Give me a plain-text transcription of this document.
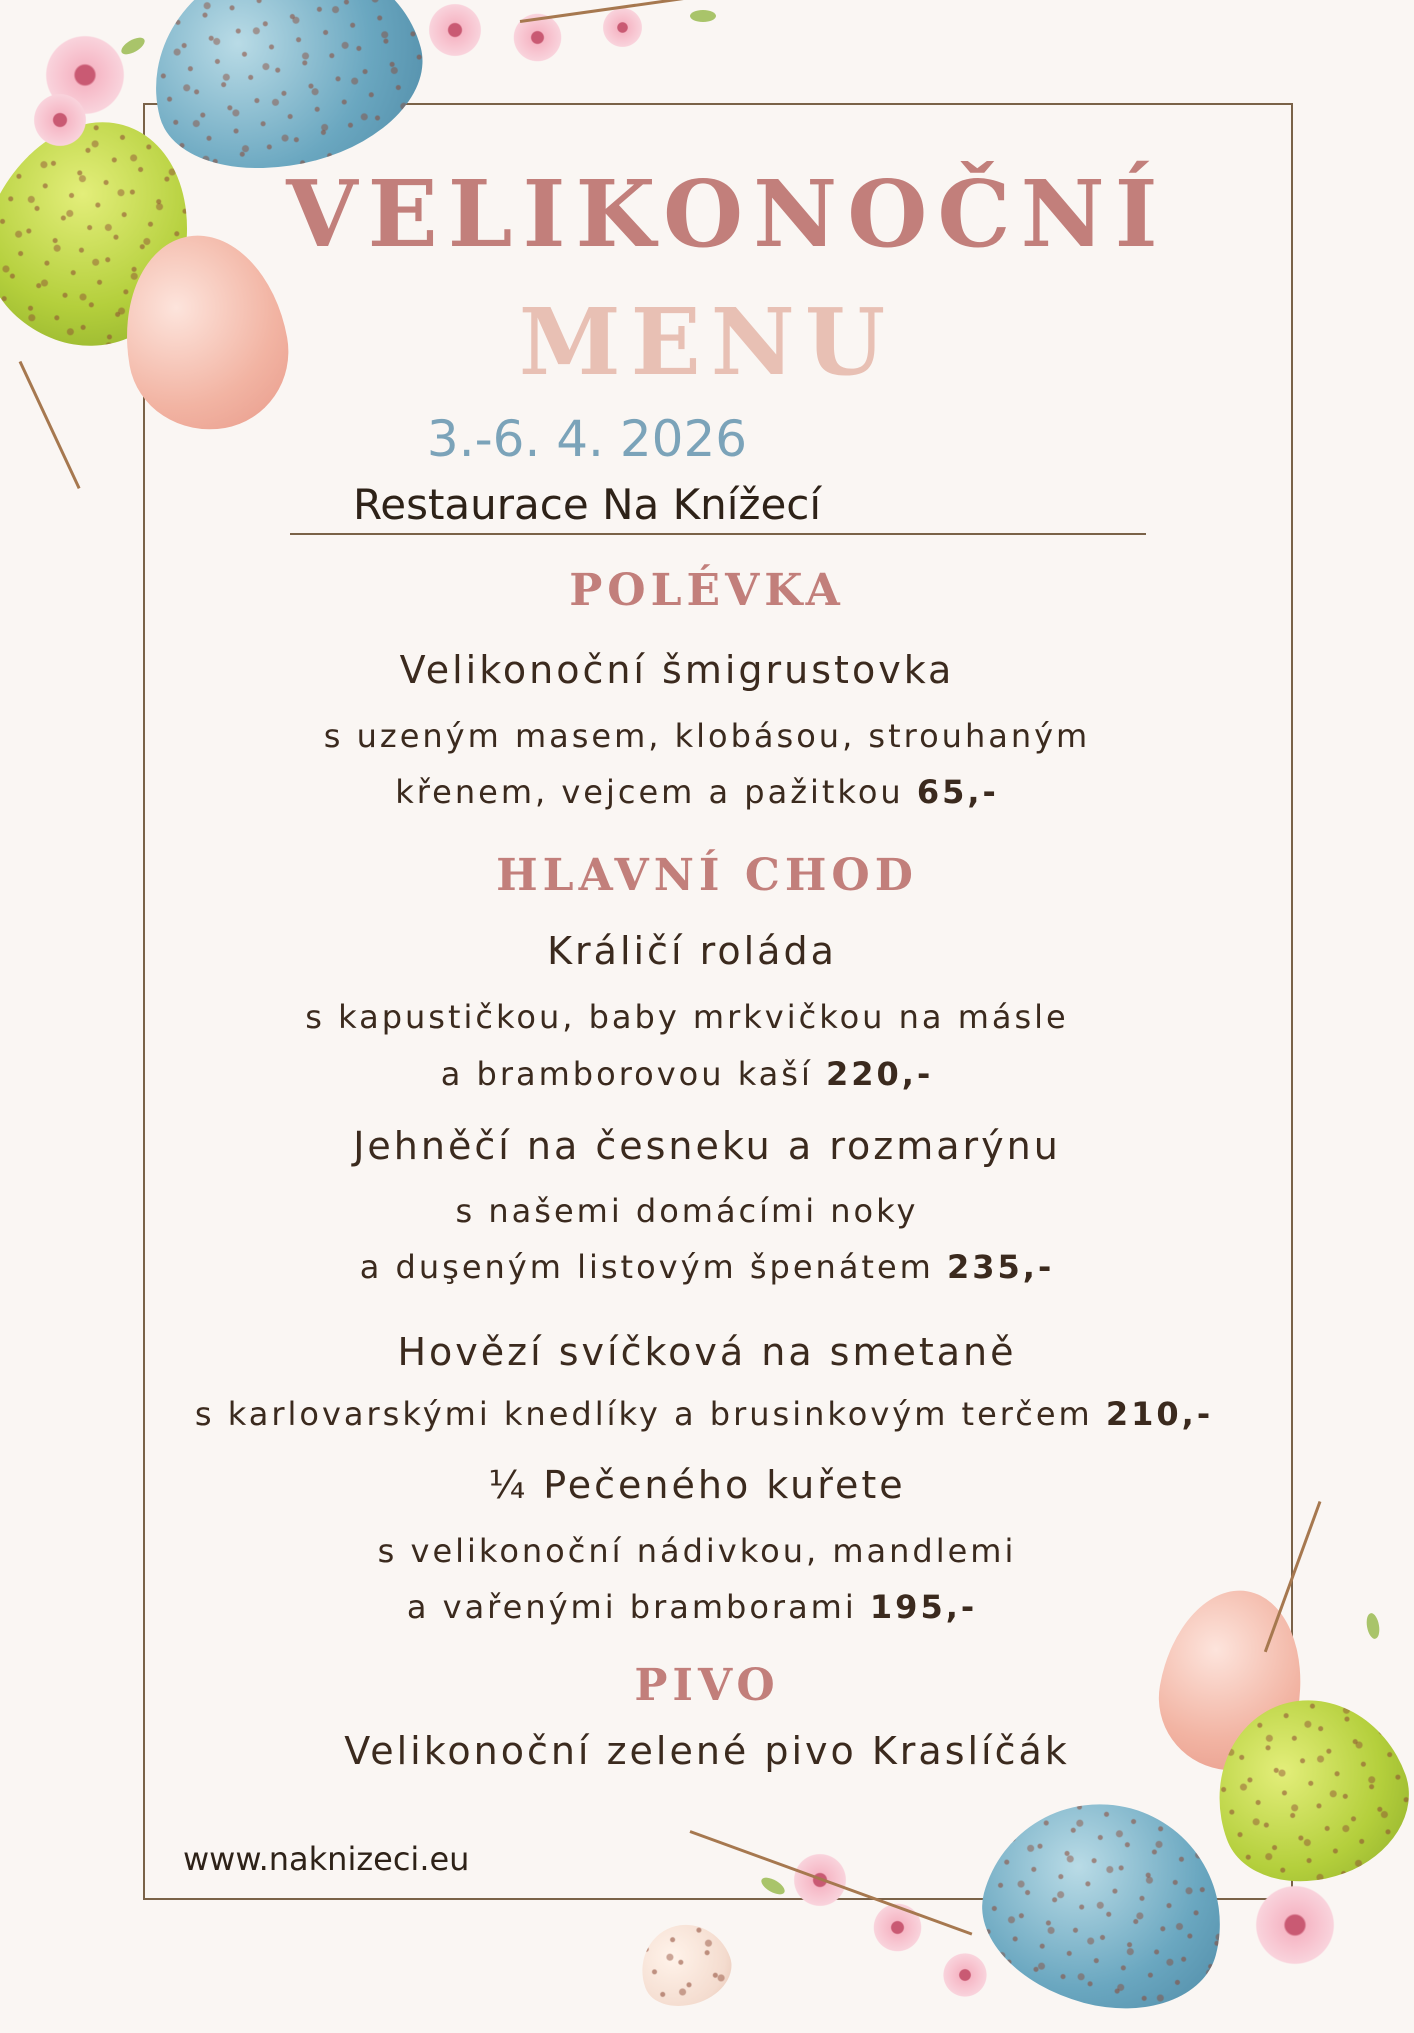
VELIKONOČNÍ
MENU
3.-6. 4. 2026
Restaurace Na Knížecí
POLÉVKA
Velikonoční šmigrustovka
s uzeným masem, klobásou, strouhaným
křenem, vejcem a pažitkou 65,-
HLAVNÍ CHOD
Králičí roláda
s kapustičkou, baby mrkvičkou na másle
a bramborovou kaší 220,-
Jehněčí na česneku a rozmarýnu
s našemi domácími noky
a duşeným listovým špenátem 235,-
Hovězí svíčková na smetaně
s karlovarskými knedlíky a brusinkovým terčem 210,-
¼ Pečeného kuřete
s velikonoční nádivkou, mandlemi
a vařenými bramborami 195,-
PIVO
Velikonoční zelené pivo Kraslíčák
www.naknizeci.eu
